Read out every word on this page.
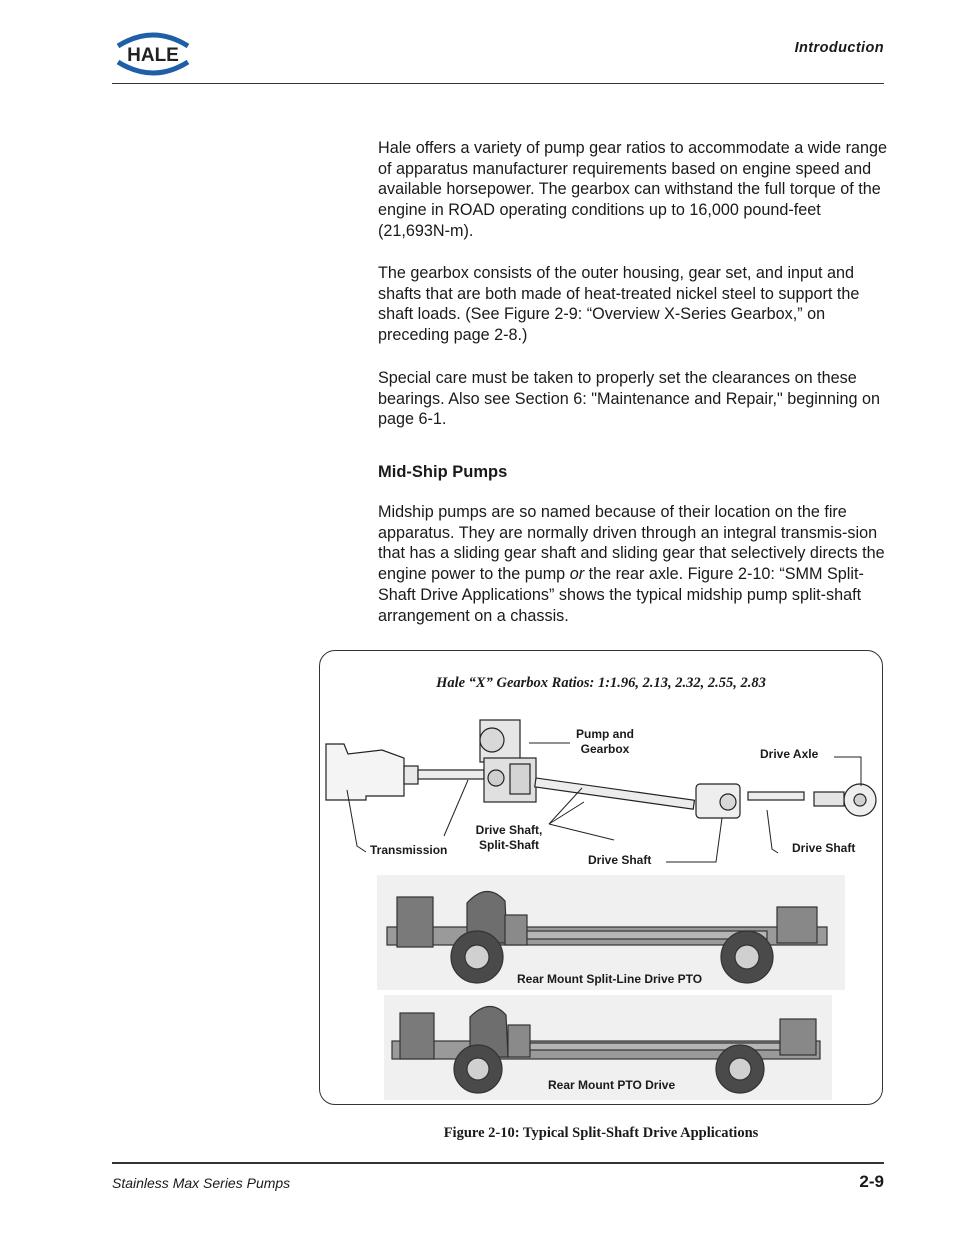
HALE	Introduction

Hale offers a variety of pump gear ratios to accommodate a wide range of apparatus manufacturer requirements based on engine speed and available horsepower. The gearbox can withstand the full torque of the engine in ROAD operating conditions up to 16,000 pound-feet (21,693N-m).

The gearbox consists of the outer housing, gear set, and input and shafts that are both made of heat-treated nickel steel to support the shaft loads. (See Figure 2-9: “Overview X-Series Gearbox,” on preceding page 2-8.)

Special care must be taken to properly set the clearances on these bearings. Also see Section 6: "Maintenance and Repair," beginning on page 6-1.

Mid-Ship Pumps

Midship pumps are so named because of their location on the fire apparatus. They are normally driven through an integral transmis-sion that has a sliding gear shaft and sliding gear that selectively directs the engine power to the pump or the rear axle. Figure 2-10: “SMM Split-Shaft Drive Applications” shows the typical midship pump split-shaft arrangement on a chassis.

Hale “X” Gearbox Ratios: 1:1.96, 2.13, 2.32, 2.55, 2.83
Pump and
Gearbox	Drive Axle
Transmission
Drive Shaft,
Split-Shaft
Drive Shaft
Drive Shaft
Rear Mount Split-Line Drive PTO
Rear Mount PTO Drive
Figure 2-10: Typical Split-Shaft Drive Applications
Stainless Max Series Pumps	2-9
